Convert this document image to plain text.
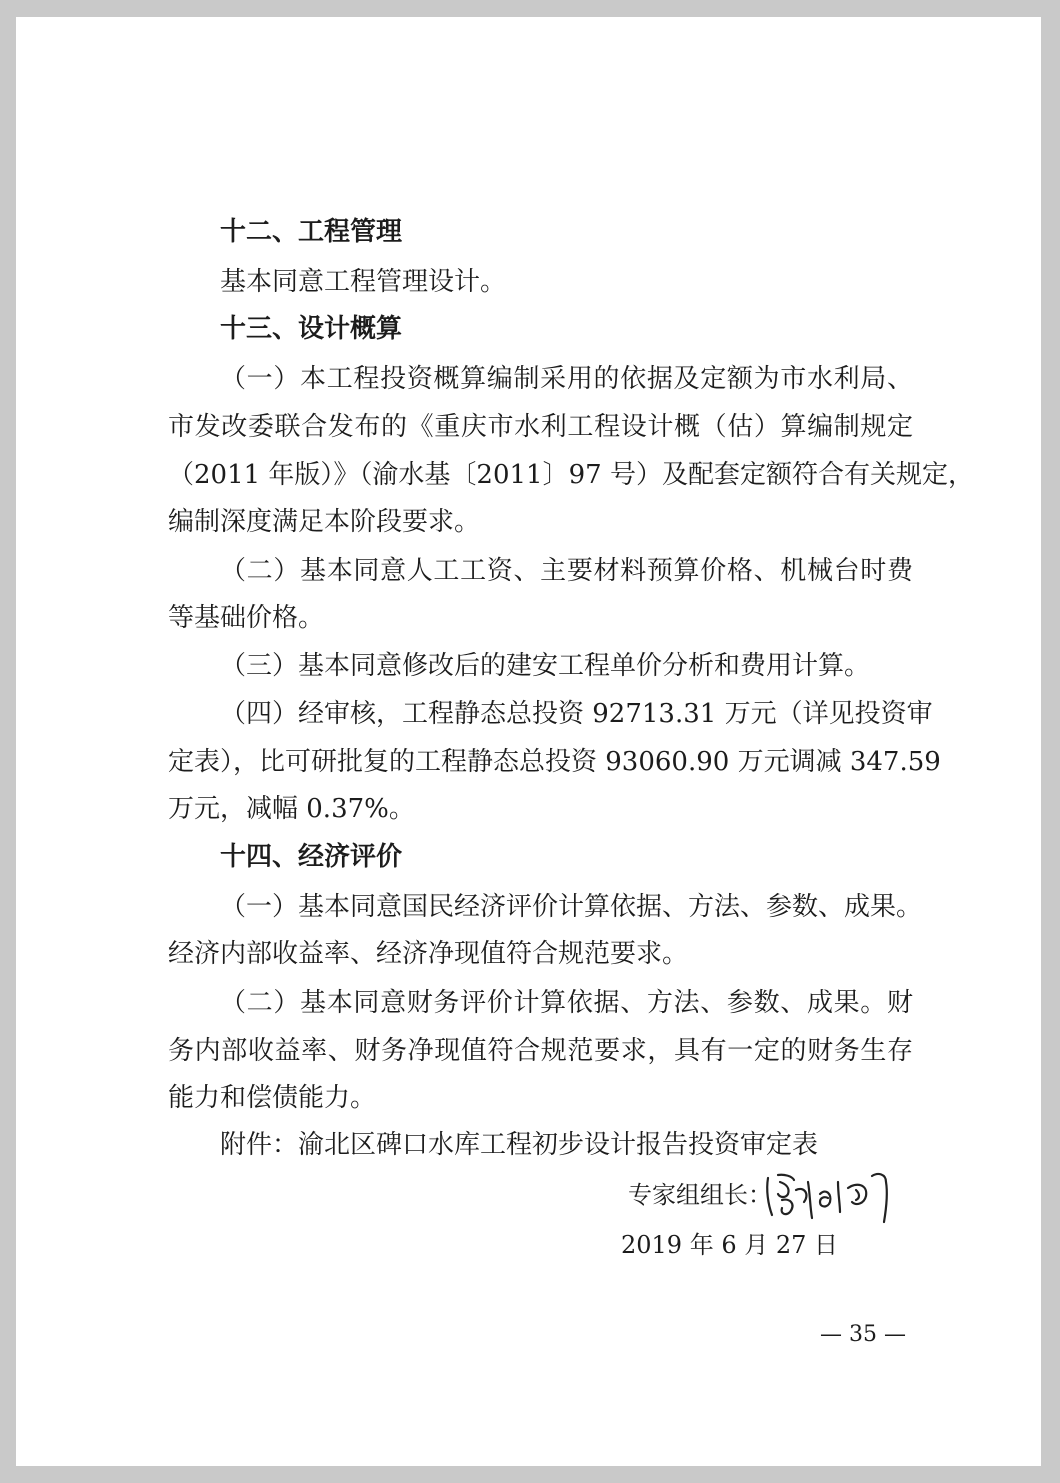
十二、工程管理
基本同意工程管理设计。
十三、设计概算
（一）本工程投资概算编制采用的依据及定额为市水利局、
市发改委联合发布的《重庆市水利工程设计概（估）算编制规定
（2011 年版）》（渝水基〔2011〕97 号）及配套定额符合有关规定，
编制深度满足本阶段要求。
（二）基本同意人工工资、主要材料预算价格、机械台时费
等基础价格。
（三）基本同意修改后的建安工程单价分析和费用计算。
（四）经审核，工程静态总投资 92713.31 万元（详见投资审
定表），比可研批复的工程静态总投资 93060.90 万元调减 347.59
万元，减幅 0.37%。
十四、经济评价
（一）基本同意国民经济评价计算依据、方法、参数、成果。
经济内部收益率、经济净现值符合规范要求。
（二）基本同意财务评价计算依据、方法、参数、成果。财
务内部收益率、财务净现值符合规范要求，具有一定的财务生存
能力和偿债能力。
附件：渝北区碑口水库工程初步设计报告投资审定表
专家组组长：
2019 年 6 月 27 日
— 35 —
